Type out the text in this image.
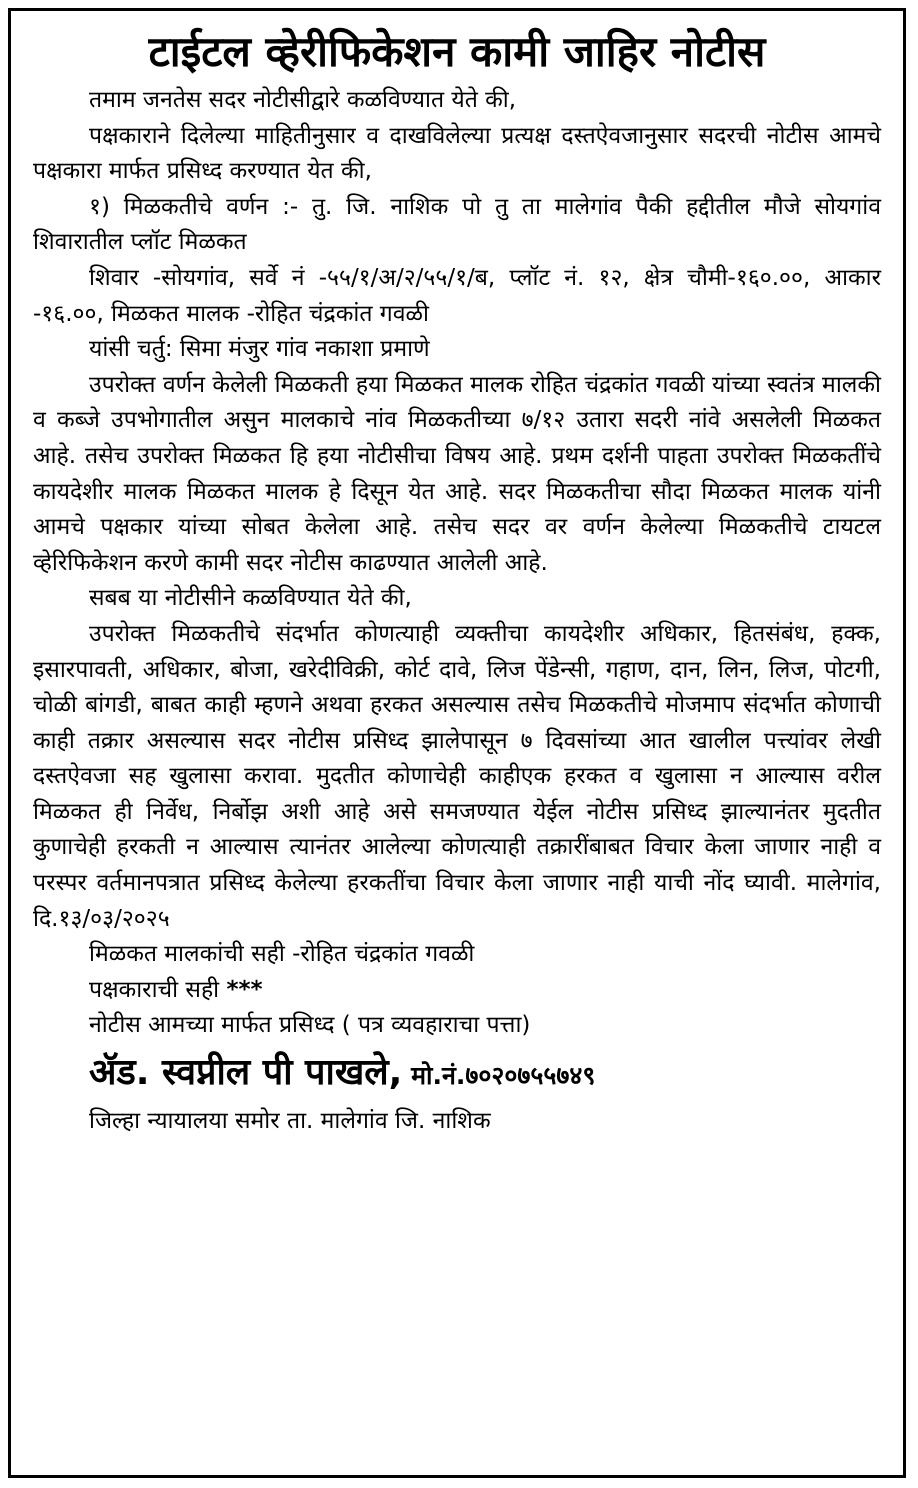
टाईटल व्हेरीफिकेशन कामी जाहिर नोटीस

तमाम जनतेस सदर नोटीसीद्वारे कळविण्यात येते की,

पक्षकाराने दिलेल्या माहितीनुसार व दाखविलेल्या प्रत्यक्ष दस्तऐवजानुसार सदरची नोटीस आमचे पक्षकारा मार्फत प्रसिध्द करण्यात येत की,

१) मिळकतीचे वर्णन :- तु. जि. नाशिक पो तु ता मालेगांव पैकी हद्दीतील मौजे सोयगांव शिवारातील प्लॉट मिळकत

शिवार -सोयगांव, सर्वे नं -५५/१/अ/२/५५/१/ब, प्लॉट नं. १२, क्षेत्र चौमी-१६०.००, आकार -१६.००, मिळकत मालक -रोहित चंद्रकांत गवळी

यांसी चर्तु: सिमा मंजुर गांव नकाशा प्रमाणे

उपरोक्त वर्णन केलेली मिळकती हया मिळकत मालक रोहित चंद्रकांत गवळी यांच्या स्वतंत्र मालकी व कब्जे उपभोगातील असुन मालकाचे नांव मिळकतीच्या ७/१२ उतारा सदरी नांवे असलेली मिळकत आहे. तसेच उपरोक्त मिळकत हि हया नोटीसीचा विषय आहे. प्रथम दर्शनी पाहता उपरोक्त मिळकतींचे कायदेशीर मालक मिळकत मालक हे दिसून येत आहे. सदर मिळकतीचा सौदा मिळकत मालक यांनी आमचे पक्षकार यांच्या सोबत केलेला आहे. तसेच सदर वर वर्णन केलेल्या मिळकतीचे टायटल व्हेरिफिकेशन करणे कामी सदर नोटीस काढण्यात आलेली आहे.

सबब या नोटीसीने कळविण्यात येते की,

उपरोक्त मिळकतीचे संदर्भात कोणत्याही व्यक्तीचा कायदेशीर अधिकार, हितसंबंध, हक्क, इसारपावती, अधिकार, बोजा, खरेदीविक्री, कोर्ट दावे, लिज पेंडेन्सी, गहाण, दान, लिन, लिज, पोटगी, चोळी बांगडी, बाबत काही म्हणने अथवा हरकत असल्यास तसेच मिळकतीचे मोजमाप संदर्भात कोणाची काही तक्रार असल्यास सदर नोटीस प्रसिध्द झालेपासून ७ दिवसांच्या आत खालील पत्त्यांवर लेखी दस्तऐवजा सह खुलासा करावा. मुदतीत कोणाचेही काहीएक हरकत व खुलासा न आल्यास वरील मिळकत ही निर्वेध, निर्बोझ अशी आहे असे समजण्यात येईल नोटीस प्रसिध्द झाल्यानंतर मुदतीत कुणाचेही हरकती न आल्यास त्यानंतर आलेल्या कोणत्याही तक्रारींबाबत विचार केला जाणार नाही व परस्पर वर्तमानपत्रात प्रसिध्द केलेल्या हरकतींचा विचार केला जाणार नाही याची नोंद घ्यावी. मालेगांव, दि.१३/०३/२०२५

मिळकत मालकांची सही -रोहित चंद्रकांत गवळी

पक्षकाराची सही ***

नोटीस आमच्या मार्फत प्रसिध्द ( पत्र व्यवहाराचा पत्ता)

ॲड. स्वप्नील पी पाखले, मो.नं.७०२०७५५७४९

जिल्हा न्यायालया समोर ता. मालेगांव जि. नाशिक
